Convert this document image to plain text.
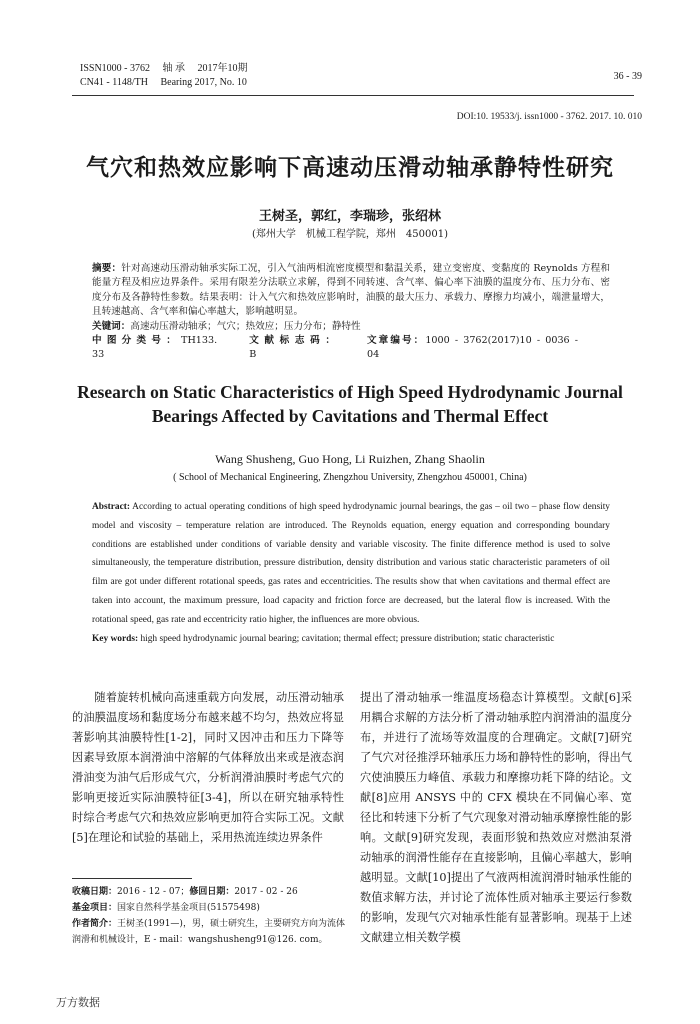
ISSN1000 - 3762 轴 承 2017年10期
CN41 - 1148/TH Bearing 2017, No. 10
36 - 39
DOI:10. 19533/j. issn1000 - 3762. 2017. 10. 010
气穴和热效应影响下高速动压滑动轴承静特性研究
王树圣，郭红，李瑞珍，张绍林
(郑州大学　机械工程学院，郑州　450001)
摘要：针对高速动压滑动轴承实际工况，引入气油两相流密度模型和黏温关系，建立变密度、变黏度的 Reynolds 方程和能量方程及相应边界条件。采用有限差分法联立求解，得到不同转速、含气率、偏心率下油膜的温度分布、压力分布、密度分布及各静特性参数。结果表明：计入气穴和热效应影响时，油膜的最大压力、承载力、摩擦力均减小，端泄量增大，且转速越高、含气率和偏心率越大，影响越明显。
关键词：高速动压滑动轴承；气穴；热效应；压力分布；静特性
中图分类号：TH133. 33
文献标志码：B
文章编号：1000 - 3762(2017)10 - 0036 - 04
Research on Static Characteristics of High Speed Hydrodynamic Journal Bearings Affected by Cavitations and Thermal Effect
Wang Shusheng, Guo Hong, Li Ruizhen, Zhang Shaolin
( School of Mechanical Engineering, Zhengzhou University, Zhengzhou 450001, China)
Abstract: According to actual operating conditions of high speed hydrodynamic journal bearings, the gas – oil two – phase flow density model and viscosity – temperature relation are introduced. The Reynolds equation, energy equation and corresponding boundary conditions are established under conditions of variable density and variable viscosity. The finite difference method is used to solve simultaneously, the temperature distribution, pressure distribution, density distribution and various static characteristic parameters of oil film are got under different rotational speeds, gas rates and eccentricities. The results show that when cavitations and thermal effect are taken into account, the maximum pressure, load capacity and friction force are decreased, but the lateral flow is increased. With the rotational speed, gas rate and eccentricity ratio higher, the influences are more obvious.
Key words: high speed hydrodynamic journal bearing; cavitation; thermal effect; pressure distribution; static characteristic

随着旋转机械向高速重载方向发展，动压滑动轴承的油膜温度场和黏度场分布越来越不均匀，热效应将显著影响其油膜特性[1-2]，同时又因冲击和压力下降等因素导致原本润滑油中溶解的气体释放出来或是液态润滑油变为油气后形成气穴，分析润滑油膜时考虑气穴的影响更接近实际油膜特征[3-4]，所以在研究轴承特性时综合考虑气穴和热效应影响更加符合实际工况。文献[5]在理论和试验的基础上，采用热流连续边界条件

提出了滑动轴承一维温度场稳态计算模型。文献[6]采用耦合求解的方法分析了滑动轴承腔内润滑油的温度分布，并进行了流场等效温度的合理确定。文献[7]研究了气穴对径推浮环轴承压力场和静特性的影响，得出气穴使油膜压力峰值、承载力和摩擦功耗下降的结论。文献[8]应用 ANSYS 中的 CFX 模块在不同偏心率、宽径比和转速下分析了气穴现象对滑动轴承摩擦性能的影响。文献[9]研究发现，表面形貌和热效应对燃油泵滑动轴承的润滑性能存在直接影响，且偏心率越大，影响越明显。文献[10]提出了气液两相流润滑时轴承性能的数值求解方法，并讨论了流体性质对轴承主要运行参数的影响，发现气穴对轴承性能有显著影响。现基于上述文献建立相关数学模

收稿日期：2016 - 12 - 07；修回日期：2017 - 02 - 26
基金项目：国家自然科学基金项目(51575498)
作者简介：王树圣(1991—)，男，硕士研究生，主要研究方向为流体润滑和机械设计，E - mail：wangshusheng91@126. com。
万方数据
